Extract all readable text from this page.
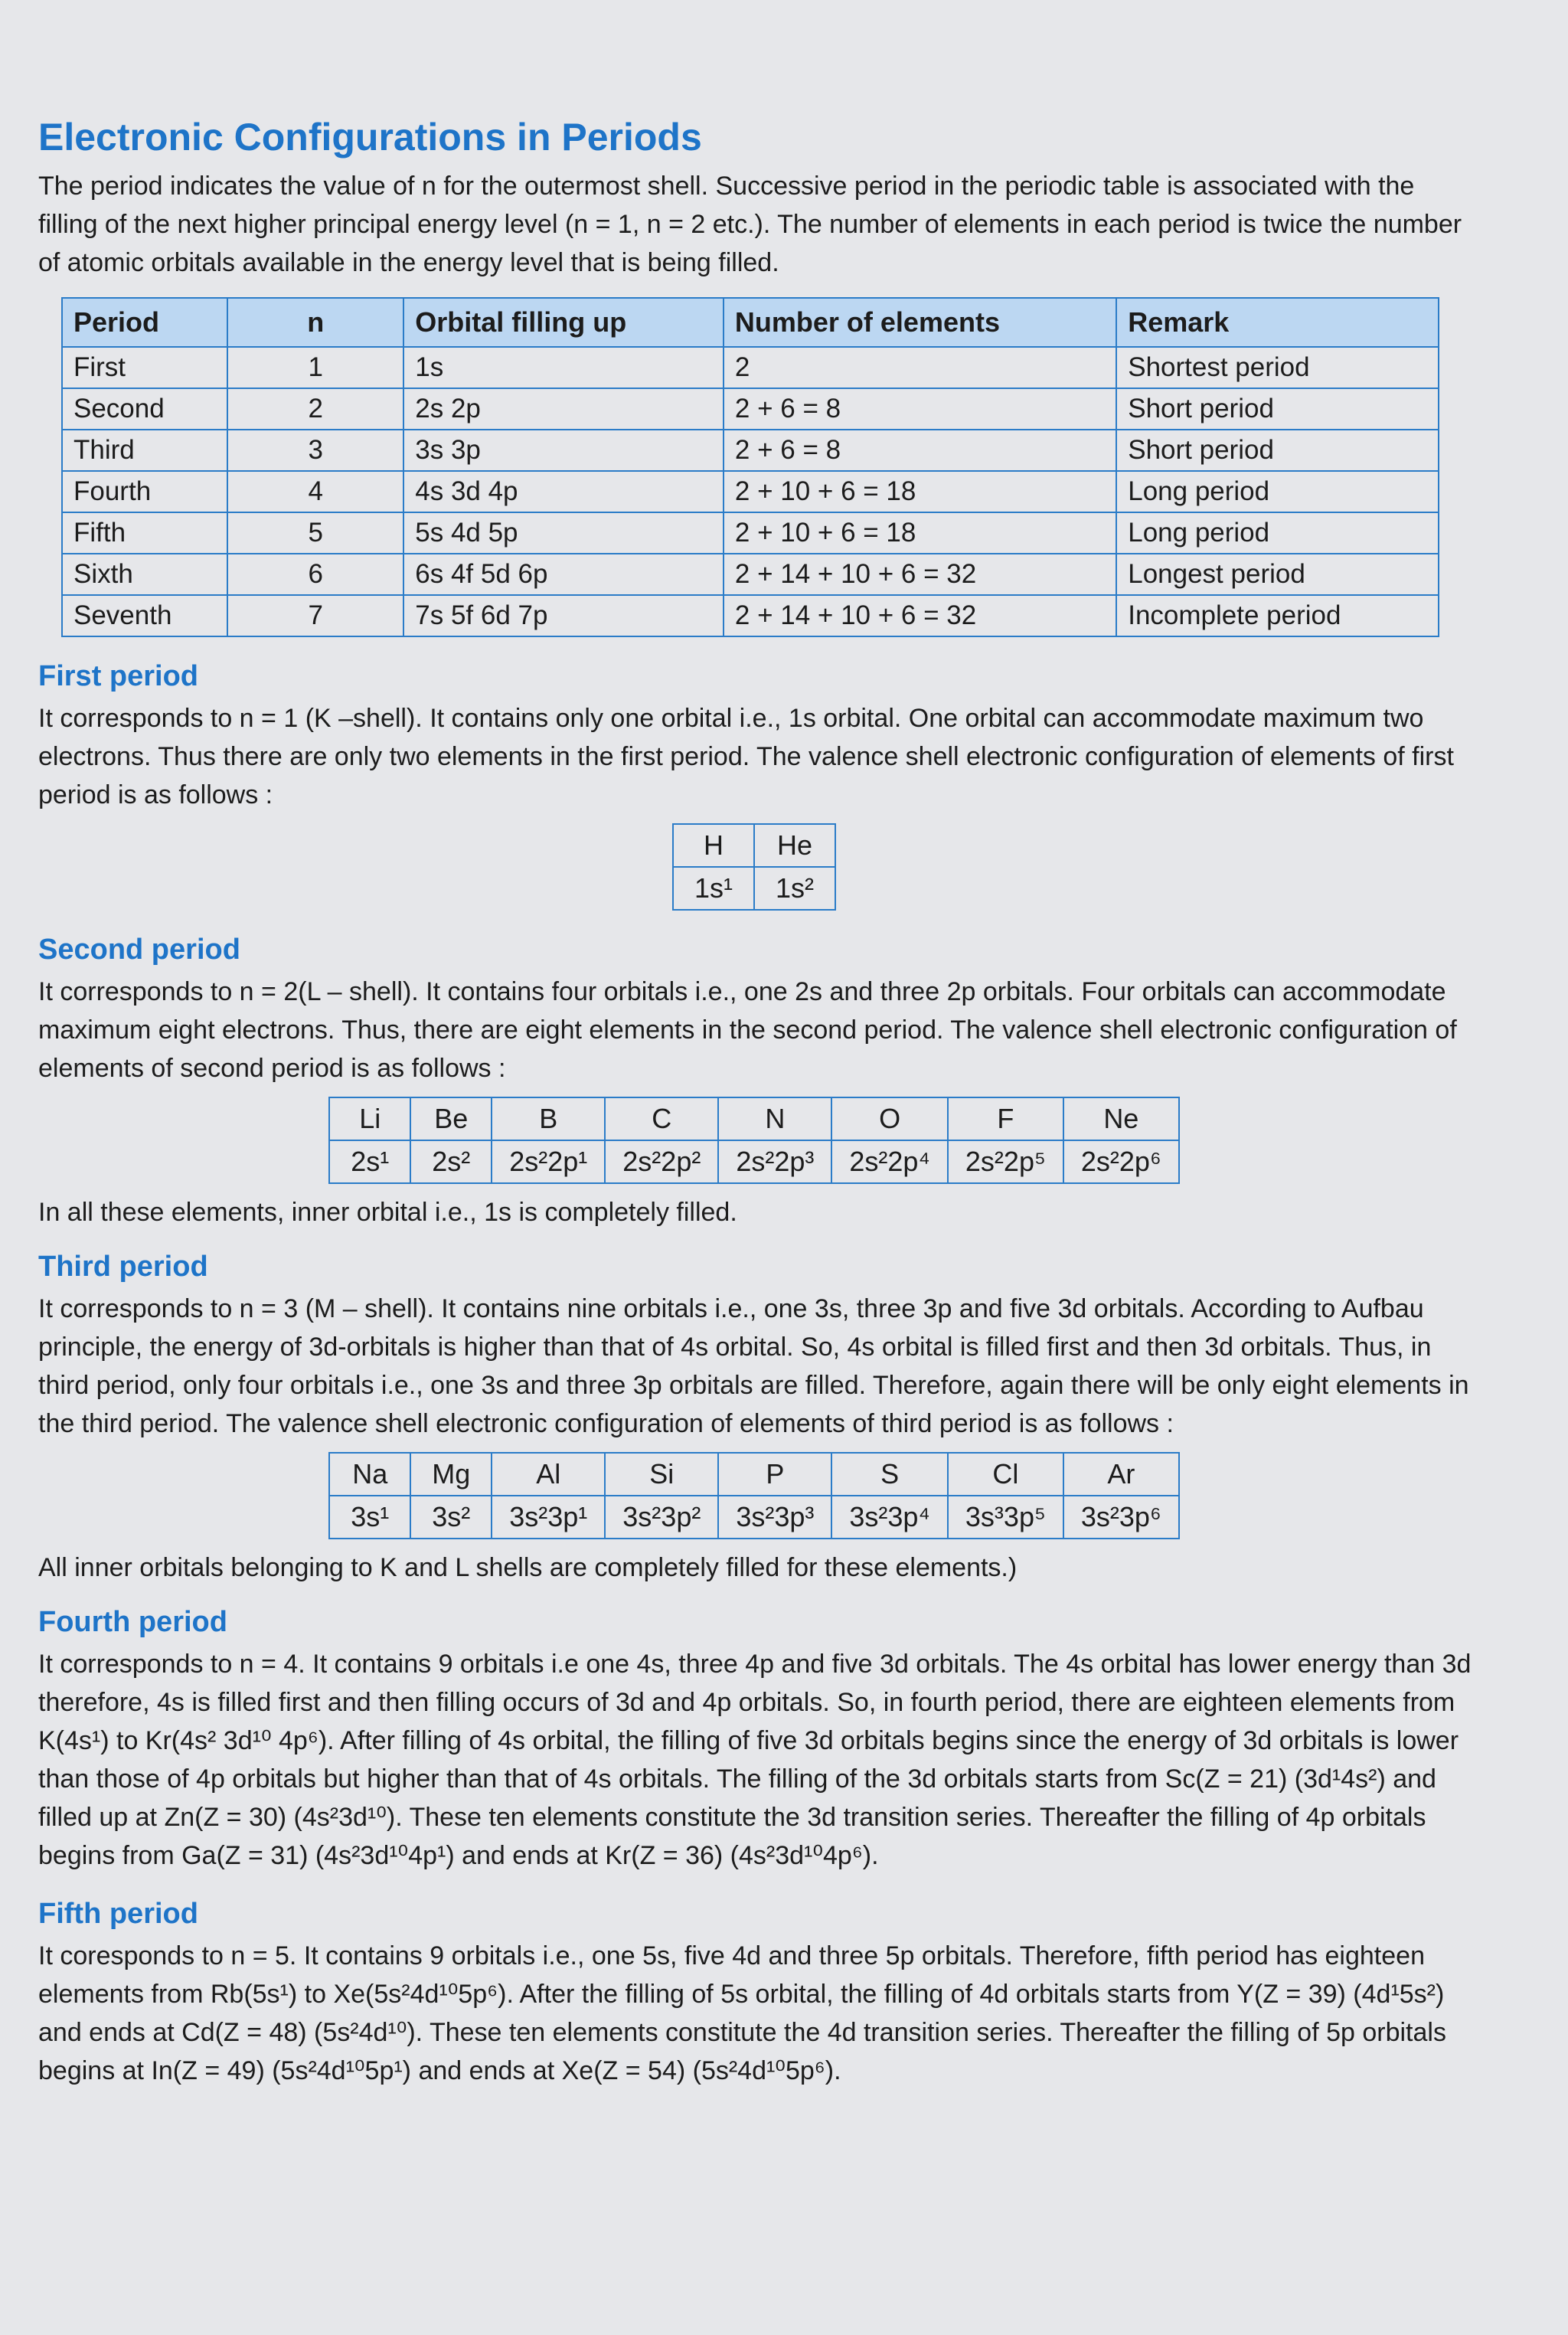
Electronic Configurations in Periods

The period indicates the value of n for the outermost shell. Successive period in the periodic table is associated with the filling of the next higher principal energy level (n = 1, n = 2 etc.). The number of elements in each period is twice the number of atomic orbitals available in the energy level that is being filled.

Period	n	Orbital filling up	Number of elements	Remark
First	1	1s	2	Shortest period
Second	2	2s 2p	2 + 6 = 8	Short period
Third	3	3s 3p	2 + 6 = 8	Short period
Fourth	4	4s 3d 4p	2 + 10 + 6 = 18	Long period
Fifth	5	5s 4d 5p	2 + 10 + 6 = 18	Long period
Sixth	6	6s 4f 5d 6p	2 + 14 + 10 + 6 = 32	Longest period
Seventh	7	7s 5f 6d 7p	2 + 14 + 10 + 6 = 32	Incomplete period
First period

It corresponds to n = 1 (K –shell). It contains only one orbital i.e., 1s orbital. One orbital can accommodate maximum two electrons. Thus there are only two elements in the first period. The valence shell electronic configuration of elements of first period is as follows :

H	He
1s¹	1s²
Second period

It corresponds to n = 2(L – shell). It contains four orbitals i.e., one 2s and three 2p orbitals. Four orbitals can accommodate maximum eight electrons. Thus, there are eight elements in the second period. The valence shell electronic configuration of elements of second period is as follows :

Li	Be	B	C	N	O	F	Ne
2s¹	2s²	2s²2p¹	2s²2p²	2s²2p³	2s²2p⁴	2s²2p⁵	2s²2p⁶
In all these elements, inner orbital i.e., 1s is completely filled.
Third period

It corresponds to n = 3 (M – shell). It contains nine orbitals i.e., one 3s, three 3p and five 3d orbitals. According to Aufbau principle, the energy of 3d-orbitals is higher than that of 4s orbital. So, 4s orbital is filled first and then 3d orbitals. Thus, in third period, only four orbitals i.e., one 3s and three 3p orbitals are filled. Therefore, again there will be only eight elements in the third period. The valence shell electronic configuration of elements of third period is as follows :

Na	Mg	Al	Si	P	S	Cl	Ar
3s¹	3s²	3s²3p¹	3s²3p²	3s²3p³	3s²3p⁴	3s³3p⁵	3s²3p⁶
All inner orbitals belonging to K and L shells are completely filled for these elements.)
Fourth period

It corresponds to n = 4. It contains 9 orbitals i.e one 4s, three 4p and five 3d orbitals. The 4s orbital has lower energy than 3d therefore, 4s is filled first and then filling occurs of 3d and 4p orbitals. So, in fourth period, there are eighteen elements from K(4s¹) to Kr(4s² 3d¹⁰ 4p⁶). After filling of 4s orbital, the filling of five 3d orbitals begins since the energy of 3d orbitals is lower than those of 4p orbitals but higher than that of 4s orbitals. The filling of the 3d orbitals starts from Sc(Z = 21) (3d¹4s²) and filled up at Zn(Z = 30) (4s²3d¹⁰). These ten elements constitute the 3d transition series. Thereafter the filling of 4p orbitals begins from Ga(Z = 31) (4s²3d¹⁰4p¹) and ends at Kr(Z = 36) (4s²3d¹⁰4p⁶).

Fifth period

It coresponds to n = 5. It contains 9 orbitals i.e., one 5s, five 4d and three 5p orbitals. Therefore, fifth period has eighteen elements from Rb(5s¹) to Xe(5s²4d¹⁰5p⁶). After the filling of 5s orbital, the filling of 4d orbitals starts from Y(Z = 39) (4d¹5s²) and ends at Cd(Z = 48) (5s²4d¹⁰). These ten elements constitute the 4d transition series. Thereafter the filling of 5p orbitals begins at In(Z = 49) (5s²4d¹⁰5p¹) and ends at Xe(Z = 54) (5s²4d¹⁰5p⁶).
